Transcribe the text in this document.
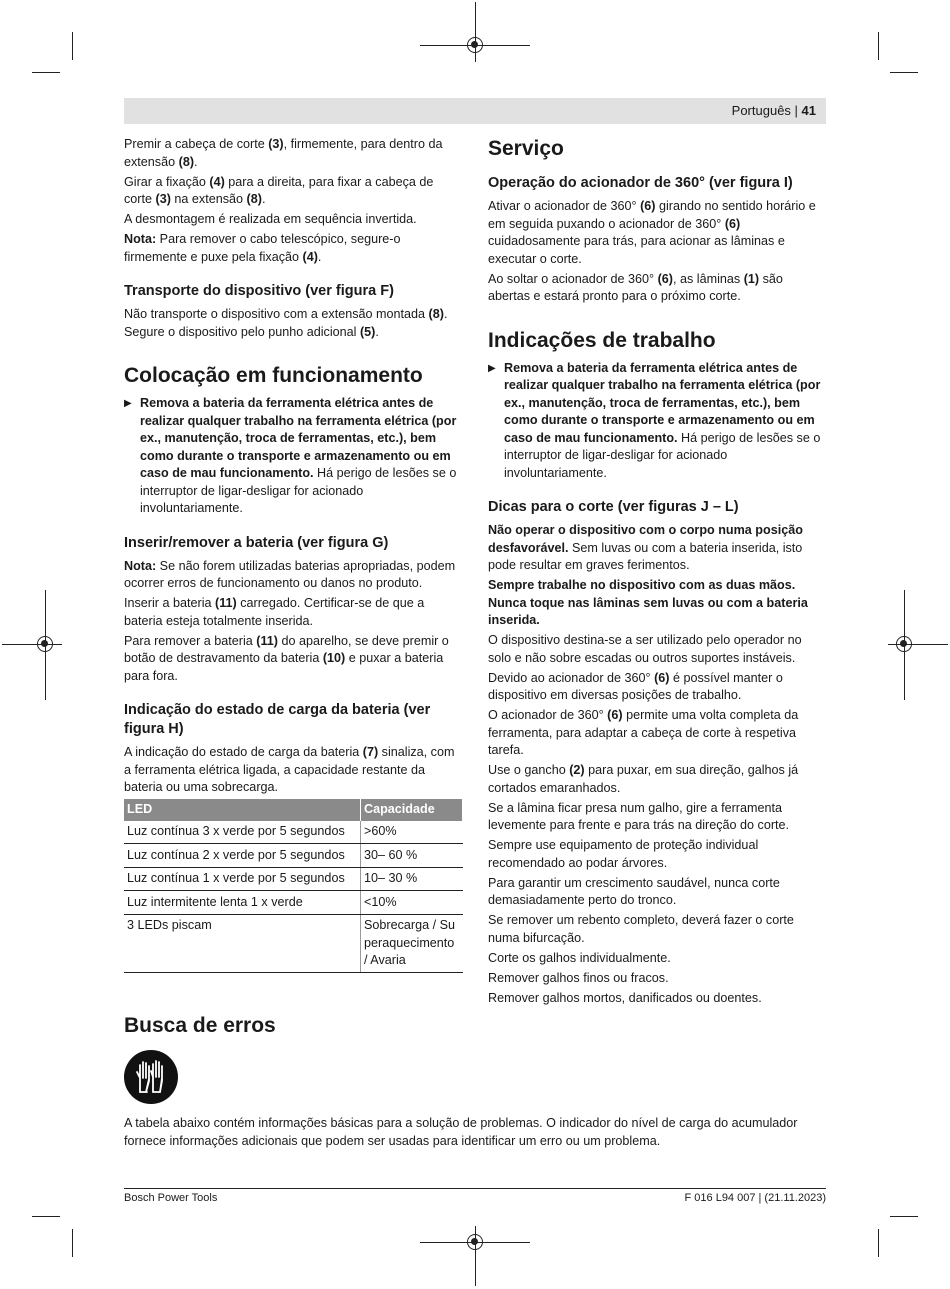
Português | 41

Premir a cabeça de corte (3), firmemente, para dentro da extensão (8).

Girar a fixação (4) para a direita, para fixar a cabeça de corte (3) na extensão (8).

A desmontagem é realizada em sequência invertida.

Nota: Para remover o cabo telescópico, segure-o firmemente e puxe pela fixação (4).

Transporte do dispositivo (ver figura F)

Não transporte o dispositivo com a extensão montada (8). Segure o dispositivo pelo punho adicional (5).

Colocação em funcionamento
▶ Remova a bateria da ferramenta elétrica antes de realizar qualquer trabalho na ferramenta elétrica (por ex., manutenção, troca de ferramentas, etc.), bem como durante o transporte e armazenamento ou em caso de mau funcionamento. Há perigo de lesões se o interruptor de ligar-desligar for acionado involuntariamente.
Inserir/remover a bateria (ver figura G)

Nota: Se não forem utilizadas baterias apropriadas, podem ocorrer erros de funcionamento ou danos no produto.

Inserir a bateria (11) carregado. Certificar-se de que a bateria esteja totalmente inserida.

Para remover a bateria (11) do aparelho, se deve premir o botão de destravamento da bateria (10) e puxar a bateria para fora.

Indicação do estado de carga da bateria (ver figura H)

A indicação do estado de carga da bateria (7) sinaliza, com a ferramenta elétrica ligada, a capacidade restante da bateria ou uma sobrecarga.

LED	Capacidade
Luz contínua 3 x verde por 5 segundos	>60%
Luz contínua 2 x verde por 5 segundos	30– 60 %
Luz contínua 1 x verde por 5 segundos	10– 30 %
Luz intermitente lenta 1 x verde	<10%
3 LEDs piscam	Sobrecarga / Superaquecimento / Avaria
Serviço
Operação do acionador de 360° (ver figura I)

Ativar o acionador de 360° (6) girando no sentido horário e em seguida puxando o acionador de 360° (6) cuidadosamente para trás, para acionar as lâminas e executar o corte.

Ao soltar o acionador de 360° (6), as lâminas (1) são abertas e estará pronto para o próximo corte.

Indicações de trabalho
▶ Remova a bateria da ferramenta elétrica antes de realizar qualquer trabalho na ferramenta elétrica (por ex., manutenção, troca de ferramentas, etc.), bem como durante o transporte e armazenamento ou em caso de mau funcionamento. Há perigo de lesões se o interruptor de ligar-desligar for acionado involuntariamente.
Dicas para o corte (ver figuras J – L)

Não operar o dispositivo com o corpo numa posição desfavorável. Sem luvas ou com a bateria inserida, isto pode resultar em graves ferimentos.

Sempre trabalhe no dispositivo com as duas mãos. Nunca toque nas lâminas sem luvas ou com a bateria inserida.

O dispositivo destina-se a ser utilizado pelo operador no solo e não sobre escadas ou outros suportes instáveis.

Devido ao acionador de 360° (6) é possível manter o dispositivo em diversas posições de trabalho.

O acionador de 360° (6) permite uma volta completa da ferramenta, para adaptar a cabeça de corte à respetiva tarefa.

Use o gancho (2) para puxar, em sua direção, galhos já cortados emaranhados.

Se a lâmina ficar presa num galho, gire a ferramenta levemente para frente e para trás na direção do corte.

Sempre use equipamento de proteção individual recomendado ao podar árvores.

Para garantir um crescimento saudável, nunca corte demasiadamente perto do tronco.

Se remover um rebento completo, deverá fazer o corte numa bifurcação.

Corte os galhos individualmente.

Remover galhos finos ou fracos.

Remover galhos mortos, danificados ou doentes.

Busca de erros
A tabela abaixo contém informações básicas para a solução de problemas. O indicador do nível de carga do acumulador fornece informações adicionais que podem ser usadas para identificar um erro ou um problema.
Bosch Power Tools	F 016 L94 007 | (21.11.2023)
